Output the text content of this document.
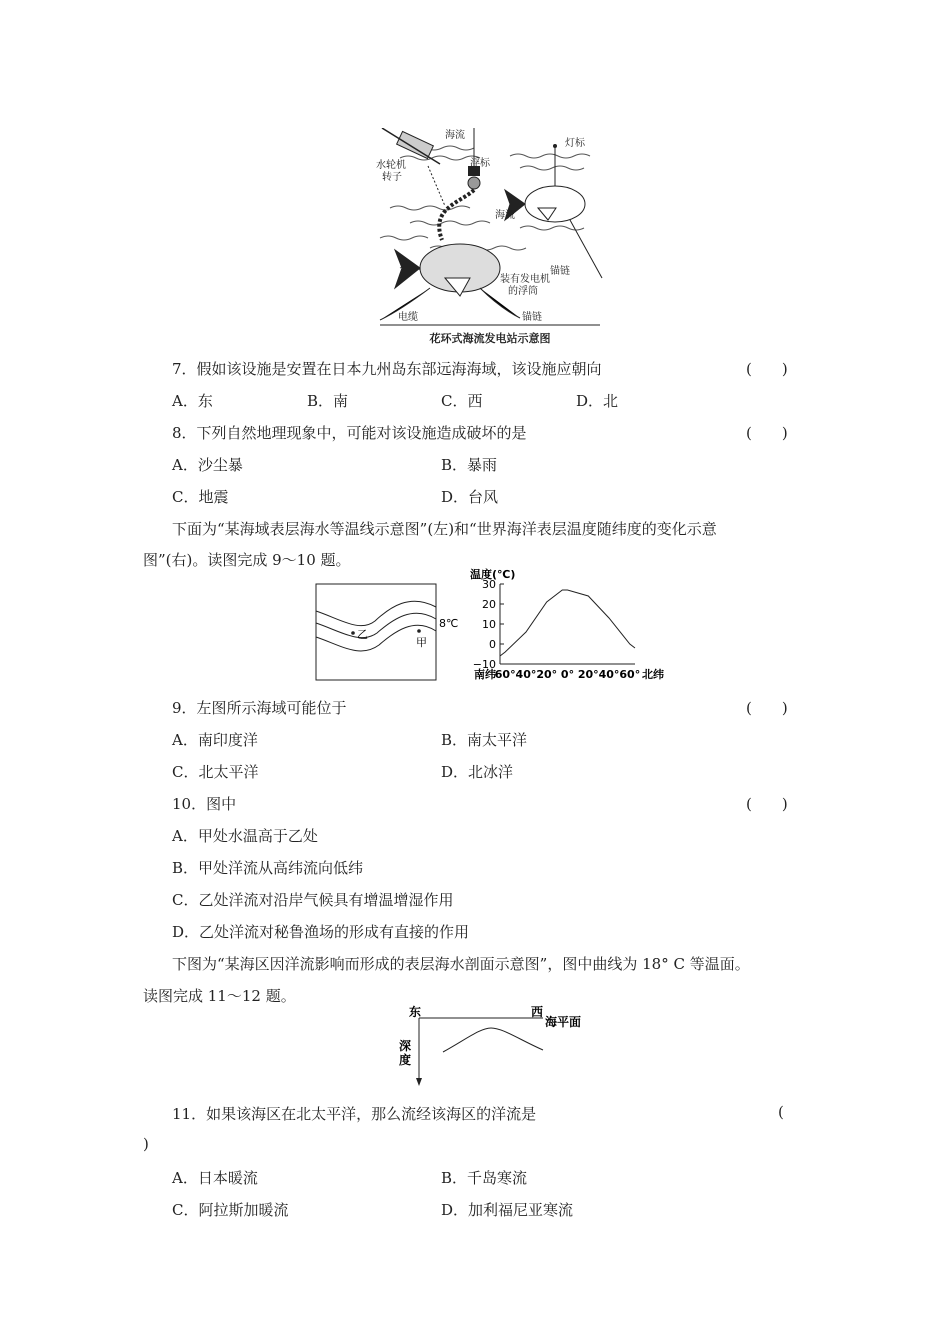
海流
水轮机
转子
浮标
灯标
海流
装有发电机
的浮筒
锚链
锚链
电缆
花环式海流发电站示意图
7．假如该设施是安置在日本九州岛东部远海海域，该设施应朝向	(　　)
A．东	B．南	C．西	D．北
8．下列自然地理现象中，可能对该设施造成破坏的是	(　　)
A．沙尘暴	B．暴雨
C．地震	D．台风
下面为“某海域表层海水等温线示意图”(左)和“世界海洋表层温度随纬度的变化示意
图”(右)。读图完成 9～10 题。
8℃
乙
甲
温度(℃)
30
20
10
0
−10
60° 40° 20° 0° 20° 40° 60°
南纬	北纬
9．左图所示海域可能位于	(　　)
A．南印度洋	B．南太平洋
C．北太平洋	D．北冰洋
10．图中	(　　)
A．甲处水温高于乙处
B．甲处洋流从高纬流向低纬
C．乙处洋流对沿岸气候具有增温增湿作用
D．乙处洋流对秘鲁渔场的形成有直接的作用
下图为“某海区因洋流影响而形成的表层海水剖面示意图”，图中曲线为 18° C 等温面。
读图完成 11～12 题。
东	西
海平面
深
度
11．如果该海区在北太平洋，那么流经该海区的洋流是	(
)
A．日本暖流	B．千岛寒流
C．阿拉斯加暖流	D．加利福尼亚寒流
